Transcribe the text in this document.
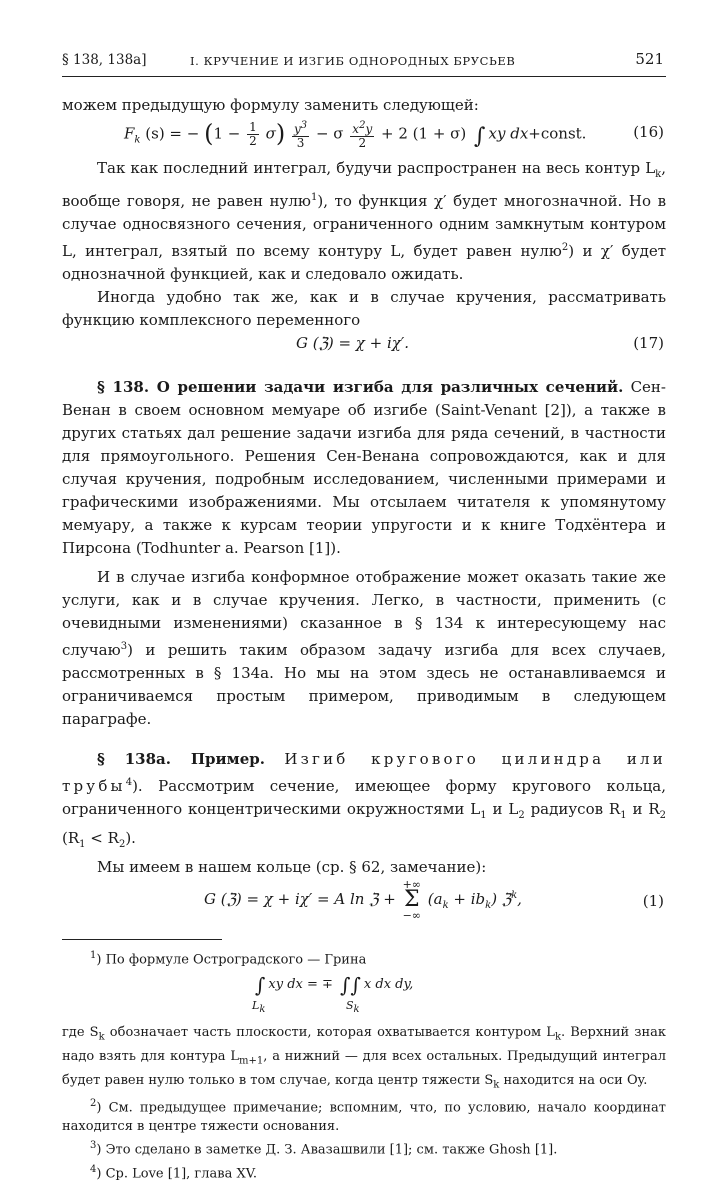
§ 138, 138а]	I. КРУЧЕНИЕ И ИЗГИБ ОДНОРОДНЫХ БРУСЬЕВ	521

можем предыдущую формулу заменить следующей:

$F_k$ (s) = − $(1 - \frac{1}{2} \sigma) \frac{y^3}{3} - \sigma \frac{x^2y}{2} + 2$ (1 + σ) ∫ xy dx+const.	(16)

Так как последний интеграл, будучи распространен на весь контур $L_k$, вообще говоря, не равен нулю$^1$), то функция χ′ будет многозначной. Но в случае односвязного сечения, ограниченного одним замкнутым контуром L, интеграл, взятый по всему контуру L, будет равен нулю$^2$) и χ′ будет однозначной функцией, как и следовало ожидать.

Иногда удобно так же, как и в случае кручения, рассматривать функцию комплексного переменного

G (ℨ) = χ + iχ′.	(17)

§ 138. О решении задачи изгиба для различных сечений. Сен-Венан в своем основном мемуаре об изгибе (Saint-Venant [2]), а также в других статьях дал решение задачи изгиба для ряда сечений, в частности для прямоугольного. Решения Сен-Венана сопровождаются, как и для случая кручения, подробным исследованием, численными примерами и графическими изображениями. Мы отсылаем читателя к упомянутому мемуару, а также к курсам теории упругости и к книге Тодхёнтера и Пирсона (Todhunter a. Pearson [1]).

И в случае изгиба конформное отображение может оказать такие же услуги, как и в случае кручения. Легко, в частности, применить (с очевидными изменениями) сказанное в § 134 к интересующему нас случаю$^3$) и решить таким образом задачу изгиба для всех случаев, рассмотренных в § 134а. Но мы на этом здесь не останавливаемся и ограничиваемся простым примером, приводимым в следующем параграфе.

§ 138а. Пример. Изгиб кругового цилиндра или трубы$^4$). Рассмотрим сечение, имеющее форму кругового кольца, ограниченного концентрическими окружностями $L_1$ и $L_2$ радиусов $R_1$ и $R_2$ $(R_1 < R_2)$.

Мы имеем в нашем кольце (ср. § 62, замечание):

G (ℨ) = χ + iχ′ = A ln ℨ +
+∞
Σ
−∞
$(a_k + ib_k)$ ℨ$^k$,	(1)

$^1$) По формуле Остроградского — Грина

∫ xy dx = ∓ ∫∫ x dx dy,
$L_k$	$S_k$

где $S_k$ обозначает часть плоскости, которая охватывается контуром $L_k$. Верхний знак надо взять для контура $L_{m+1}$, а нижний — для всех остальных. Предыдущий интеграл будет равен нулю только в том случае, когда центр тяжести $S_k$ находится на оси Oy.

$^2$) См. предыдущее примечание; вспомним, что, по условию, начало координат находится в центре тяжести основания.

$^3$) Это сделано в заметке Д. З. Авазашвили [1]; см. также Ghosh [1].

$^4$) Ср. Love [1], глава XV.
